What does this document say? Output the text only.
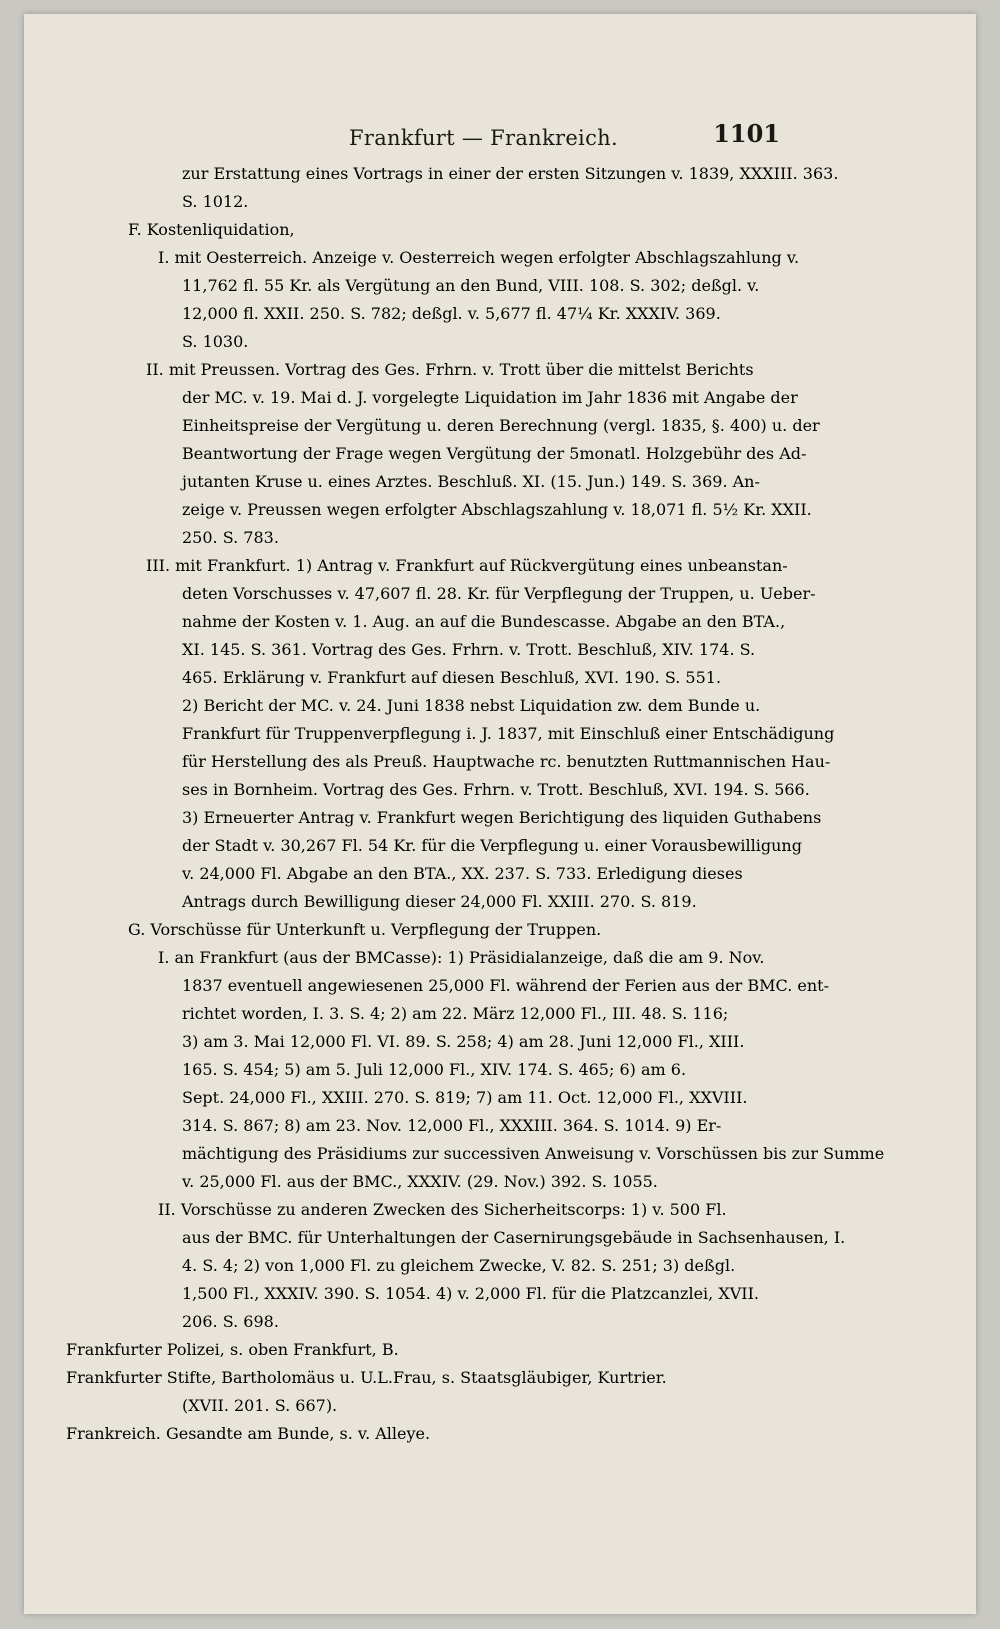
Frankfurt — Frankreich.	1101
zur Erstattung eines Vortrags in einer der ersten Sitzungen v. 1839, XXXIII. 363.
S. 1012.
F. Kostenliquidation,
I. mit Oesterreich. Anzeige v. Oesterreich wegen erfolgter Abschlagszahlung v.
11,762 fl. 55 Kr. als Vergütung an den Bund, VIII. 108. S. 302; deßgl. v.
12,000 fl. XXII. 250. S. 782; deßgl. v. 5,677 fl. 47¼ Kr. XXXIV. 369.
S. 1030.
II. mit Preussen. Vortrag des Ges. Frhrn. v. Trott über die mittelst Berichts
der MC. v. 19. Mai d. J. vorgelegte Liquidation im Jahr 1836 mit Angabe der
Einheitspreise der Vergütung u. deren Berechnung (vergl. 1835, §. 400) u. der
Beantwortung der Frage wegen Vergütung der 5monatl. Holzgebühr des Ad-
jutanten Kruse u. eines Arztes. Beschluß. XI. (15. Jun.) 149. S. 369. An-
zeige v. Preussen wegen erfolgter Abschlagszahlung v. 18,071 fl. 5½ Kr. XXII.
250. S. 783.
III. mit Frankfurt. 1) Antrag v. Frankfurt auf Rückvergütung eines unbeanstan-
deten Vorschusses v. 47,607 fl. 28. Kr. für Verpflegung der Truppen, u. Ueber-
nahme der Kosten v. 1. Aug. an auf die Bundescasse. Abgabe an den BTA.,
XI. 145. S. 361. Vortrag des Ges. Frhrn. v. Trott. Beschluß, XIV. 174. S.
465. Erklärung v. Frankfurt auf diesen Beschluß, XVI. 190. S. 551.
2) Bericht der MC. v. 24. Juni 1838 nebst Liquidation zw. dem Bunde u.
Frankfurt für Truppenverpflegung i. J. 1837, mit Einschluß einer Entschädigung
für Herstellung des als Preuß. Hauptwache rc. benutzten Ruttmannischen Hau-
ses in Bornheim. Vortrag des Ges. Frhrn. v. Trott. Beschluß, XVI. 194. S. 566.
3) Erneuerter Antrag v. Frankfurt wegen Berichtigung des liquiden Guthabens
der Stadt v. 30,267 Fl. 54 Kr. für die Verpflegung u. einer Vorausbewilligung
v. 24,000 Fl. Abgabe an den BTA., XX. 237. S. 733. Erledigung dieses
Antrags durch Bewilligung dieser 24,000 Fl. XXIII. 270. S. 819.
G. Vorschüsse für Unterkunft u. Verpflegung der Truppen.
I. an Frankfurt (aus der BMCasse): 1) Präsidialanzeige, daß die am 9. Nov.
1837 eventuell angewiesenen 25,000 Fl. während der Ferien aus der BMC. ent-
richtet worden, I. 3. S. 4; 2) am 22. März 12,000 Fl., III. 48. S. 116;
3) am 3. Mai 12,000 Fl. VI. 89. S. 258; 4) am 28. Juni 12,000 Fl., XIII.
165. S. 454; 5) am 5. Juli 12,000 Fl., XIV. 174. S. 465; 6) am 6.
Sept. 24,000 Fl., XXIII. 270. S. 819; 7) am 11. Oct. 12,000 Fl., XXVIII.
314. S. 867; 8) am 23. Nov. 12,000 Fl., XXXIII. 364. S. 1014. 9) Er-
mächtigung des Präsidiums zur successiven Anweisung v. Vorschüssen bis zur Summe
v. 25,000 Fl. aus der BMC., XXXIV. (29. Nov.) 392. S. 1055.
II. Vorschüsse zu anderen Zwecken des Sicherheitscorps: 1) v. 500 Fl.
aus der BMC. für Unterhaltungen der Casernirungsgebäude in Sachsenhausen, I.
4. S. 4; 2) von 1,000 Fl. zu gleichem Zwecke, V. 82. S. 251; 3) deßgl.
1,500 Fl., XXXIV. 390. S. 1054. 4) v. 2,000 Fl. für die Platzcanzlei, XVII.
206. S. 698.
Frankfurter Polizei, s. oben Frankfurt, B.
Frankfurter Stifte, Bartholomäus u. U.L.Frau, s. Staatsgläubiger, Kurtrier.
(XVII. 201. S. 667).
Frankreich. Gesandte am Bunde, s. v. Alleye.
